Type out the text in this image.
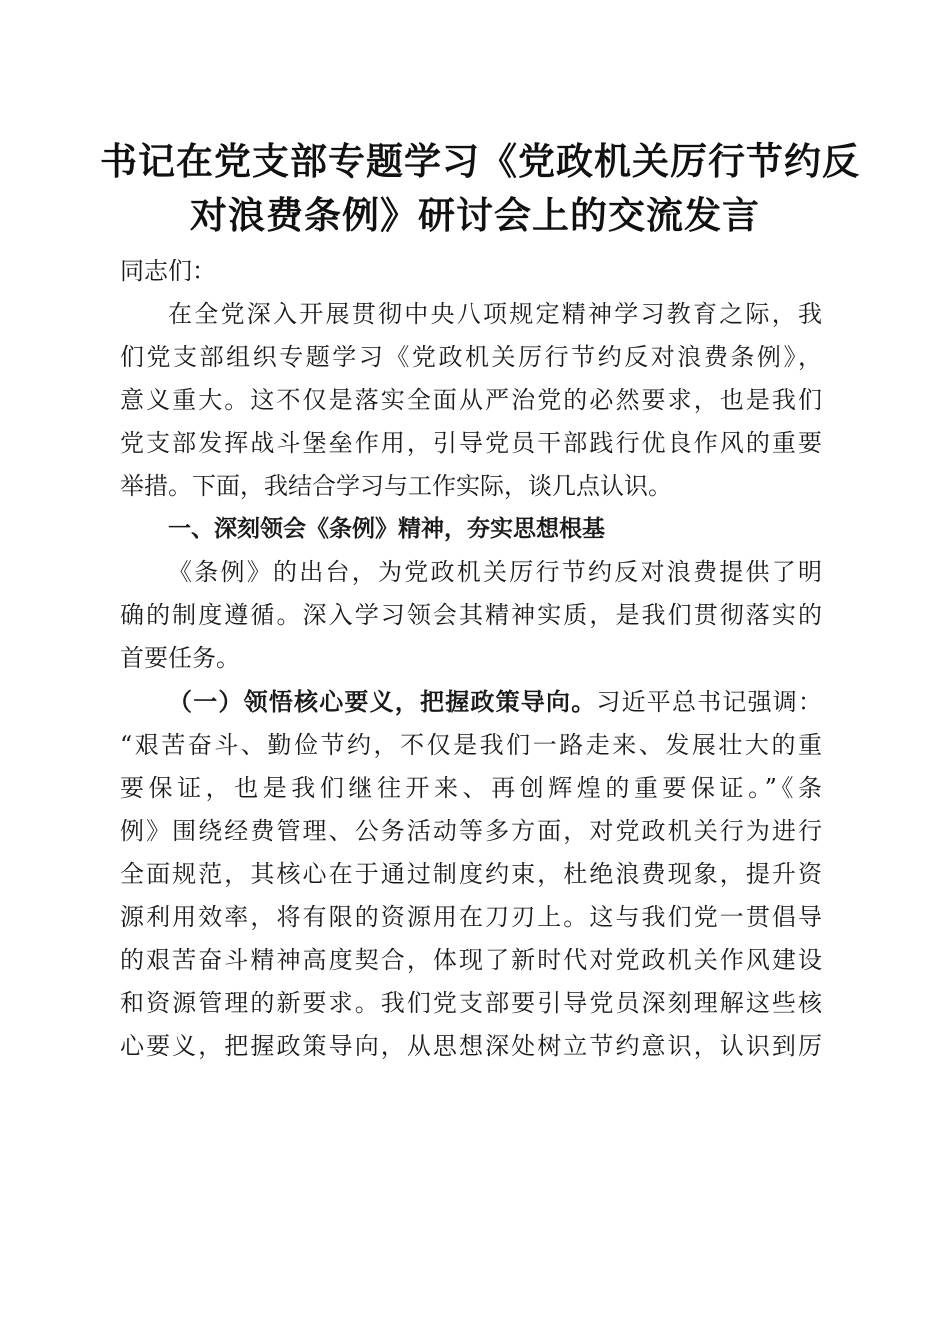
书记在党支部专题学习《党政机关厉行节约反
对浪费条例》研讨会上的交流发言

同志们：

在全党深入开展贯彻中央八项规定精神学习教育之际，我
们党支部组织专题学习《党政机关厉行节约反对浪费条例》，
意义重大。这不仅是落实全面从严治党的必然要求，也是我们
党支部发挥战斗堡垒作用，引导党员干部践行优良作风的重要
举措。下面，我结合学习与工作实际，谈几点认识。

一、深刻领会《条例》精神，夯实思想根基

《条例》的出台，为党政机关厉行节约反对浪费提供了明
确的制度遵循。深入学习领会其精神实质，是我们贯彻落实的
首要任务。

（一）领悟核心要义，把握政策导向。习近平总书记强调：
“艰苦奋斗、勤俭节约，不仅是我们一路走来、发展壮大的重
要保证，也是我们继往开来、再创辉煌的重要保证。”《条
例》围绕经费管理、公务活动等多方面，对党政机关行为进行
全面规范，其核心在于通过制度约束，杜绝浪费现象，提升资
源利用效率，将有限的资源用在刀刃上。这与我们党一贯倡导
的艰苦奋斗精神高度契合，体现了新时代对党政机关作风建设
和资源管理的新要求。我们党支部要引导党员深刻理解这些核
心要义，把握政策导向，从思想深处树立节约意识，认识到厉
